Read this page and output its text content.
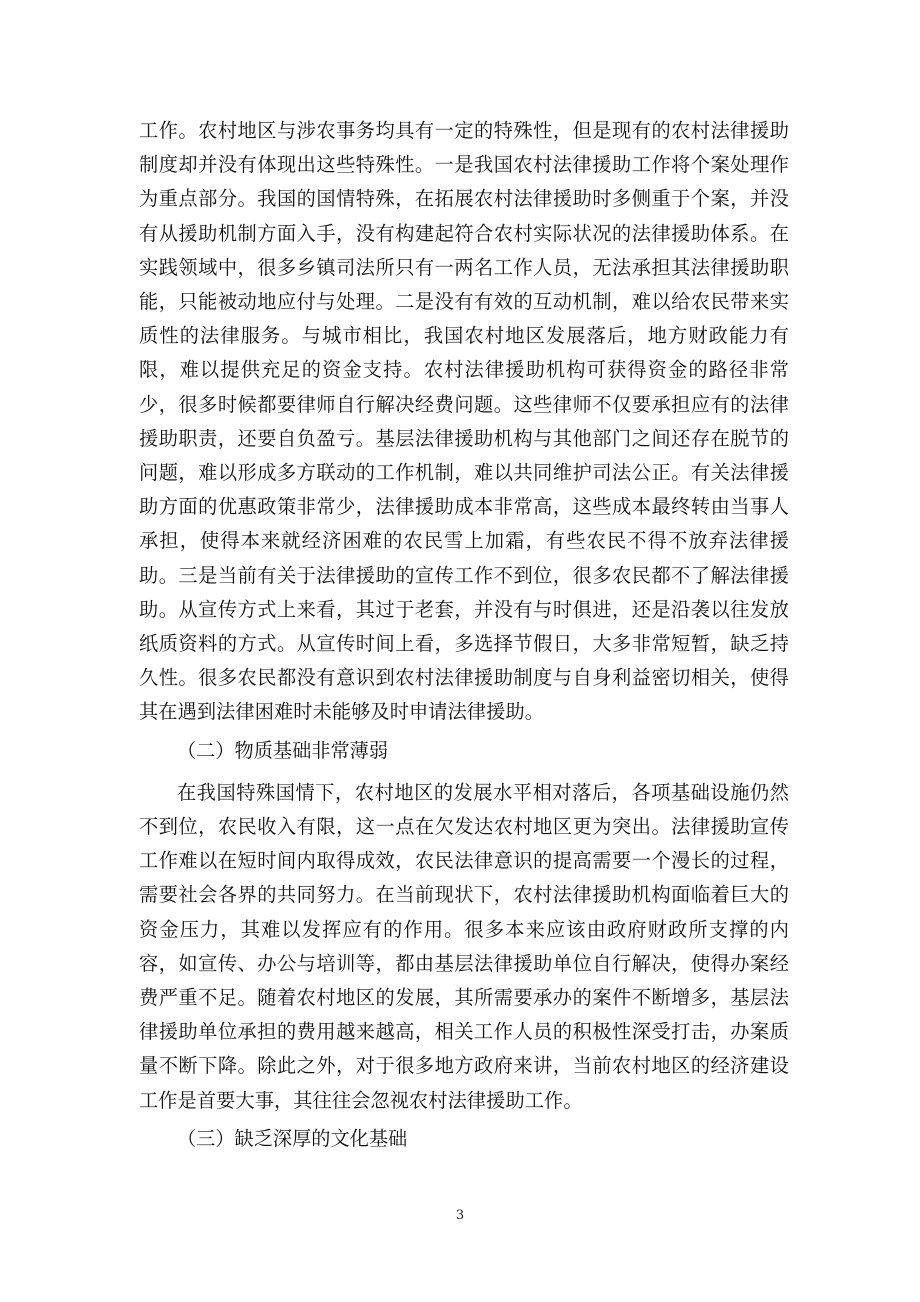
工作。农村地区与涉农事务均具有一定的特殊性，但是现有的农村法律援助制度却并没有体现出这些特殊性。一是我国农村法律援助工作将个案处理作为重点部分。我国的国情特殊，在拓展农村法律援助时多侧重于个案，并没有从援助机制方面入手，没有构建起符合农村实际状况的法律援助体系。在实践领域中，很多乡镇司法所只有一两名工作人员，无法承担其法律援助职能，只能被动地应付与处理。二是没有有效的互动机制，难以给农民带来实质性的法律服务。与城市相比，我国农村地区发展落后，地方财政能力有限，难以提供充足的资金支持。农村法律援助机构可获得资金的路径非常少，很多时候都要律师自行解决经费问题。这些律师不仅要承担应有的法律援助职责，还要自负盈亏。基层法律援助机构与其他部门之间还存在脱节的问题，难以形成多方联动的工作机制，难以共同维护司法公正。有关法律援助方面的优惠政策非常少，法律援助成本非常高，这些成本最终转由当事人承担，使得本来就经济困难的农民雪上加霜，有些农民不得不放弃法律援助。三是当前有关于法律援助的宣传工作不到位，很多农民都不了解法律援助。从宣传方式上来看，其过于老套，并没有与时俱进，还是沿袭以往发放纸质资料的方式。从宣传时间上看，多选择节假日，大多非常短暂，缺乏持久性。很多农民都没有意识到农村法律援助制度与自身利益密切相关，使得其在遇到法律困难时未能够及时申请法律援助。

（二）物质基础非常薄弱

在我国特殊国情下，农村地区的发展水平相对落后，各项基础设施仍然不到位，农民收入有限，这一点在欠发达农村地区更为突出。法律援助宣传工作难以在短时间内取得成效，农民法律意识的提高需要一个漫长的过程，需要社会各界的共同努力。在当前现状下，农村法律援助机构面临着巨大的资金压力，其难以发挥应有的作用。很多本来应该由政府财政所支撑的内容，如宣传、办公与培训等，都由基层法律援助单位自行解决，使得办案经费严重不足。随着农村地区的发展，其所需要承办的案件不断增多，基层法律援助单位承担的费用越来越高，相关工作人员的积极性深受打击，办案质量不断下降。除此之外，对于很多地方政府来讲，当前农村地区的经济建设工作是首要大事，其往往会忽视农村法律援助工作。

（三）缺乏深厚的文化基础

3
